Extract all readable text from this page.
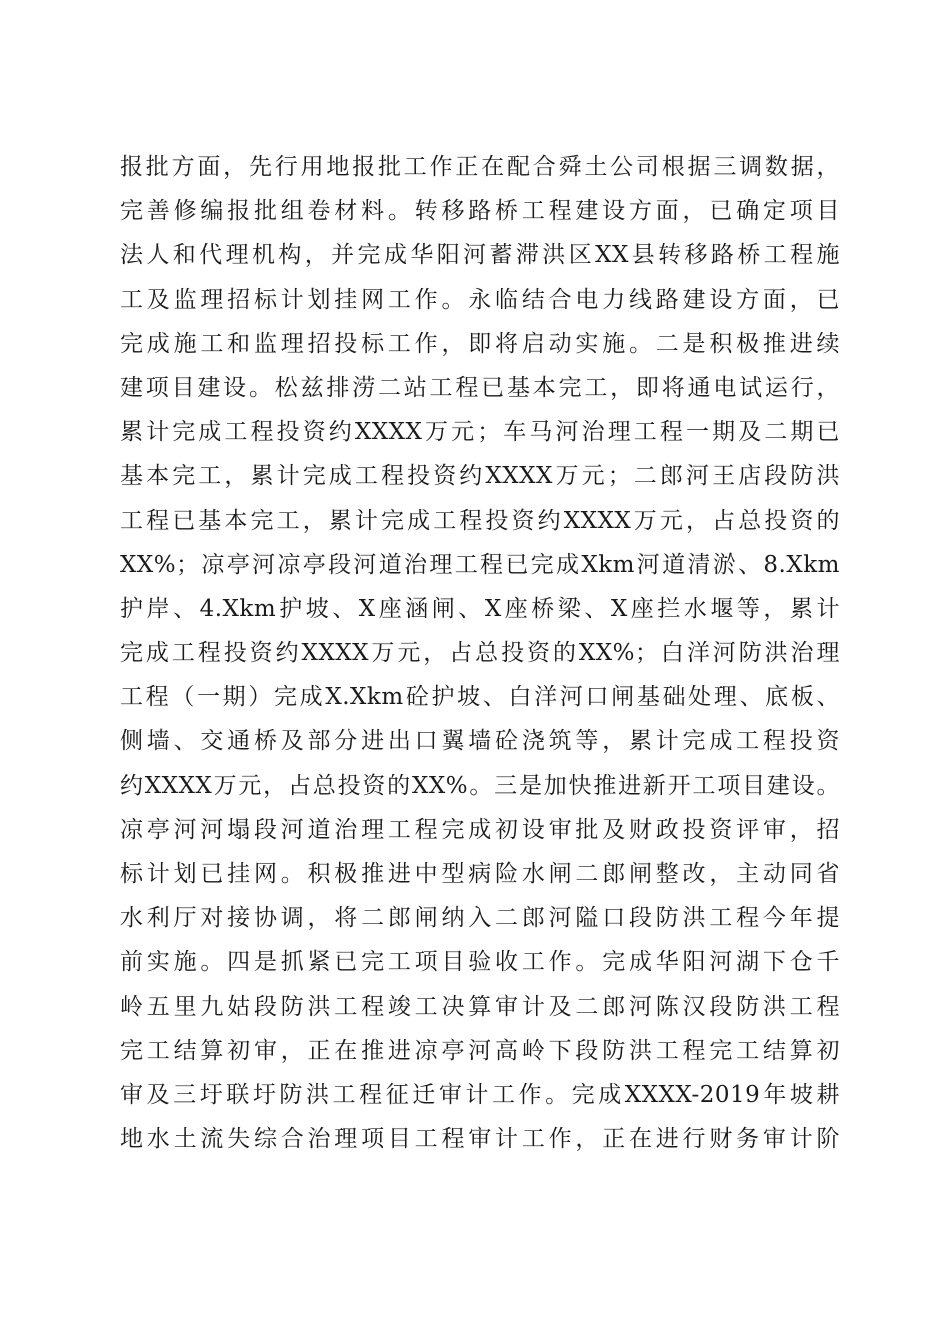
报批方面，先行用地报批工作正在配合舜土公司根据三调数据，
完善修编报批组卷材料。转移路桥工程建设方面，已确定项目
法人和代理机构，并完成华阳河蓄滞洪区XX县转移路桥工程施
工及监理招标计划挂网工作。永临结合电力线路建设方面，已
完成施工和监理招投标工作，即将启动实施。二是积极推进续
建项目建设。松兹排涝二站工程已基本完工，即将通电试运行，
累计完成工程投资约XXXX万元；车马河治理工程一期及二期已
基本完工，累计完成工程投资约XXXX万元；二郎河王店段防洪
工程已基本完工，累计完成工程投资约XXXX万元，占总投资的
XX%；凉亭河凉亭段河道治理工程已完成Xkm河道清淤、8.Xkm
护岸、4.Xkm护坡、X座涵闸、X座桥梁、X座拦水堰等，累计
完成工程投资约XXXX万元，占总投资的XX%；白洋河防洪治理
工程（一期）完成X.Xkm砼护坡、白洋河口闸基础处理、底板、
侧墙、交通桥及部分进出口翼墙砼浇筑等，累计完成工程投资
约XXXX万元，占总投资的XX%。三是加快推进新开工项目建设。
凉亭河河塌段河道治理工程完成初设审批及财政投资评审，招
标计划已挂网。积极推进中型病险水闸二郎闸整改，主动同省
水利厅对接协调，将二郎闸纳入二郎河隘口段防洪工程今年提
前实施。四是抓紧已完工项目验收工作。完成华阳河湖下仓千
岭五里九姑段防洪工程竣工决算审计及二郎河陈汉段防洪工程
完工结算初审，正在推进凉亭河高岭下段防洪工程完工结算初
审及三圩联圩防洪工程征迁审计工作。完成XXXX-2019年坡耕
地水土流失综合治理项目工程审计工作，正在进行财务审计阶
